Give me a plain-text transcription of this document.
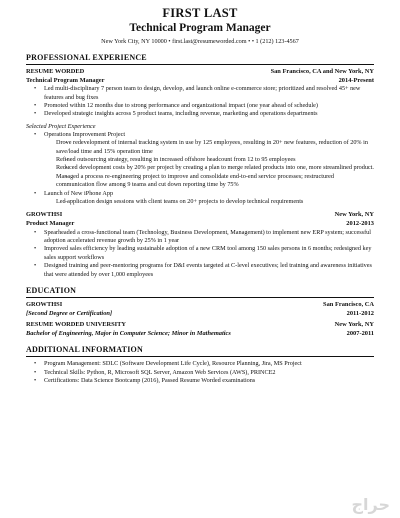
FIRST LAST
Technical Program Manager
New York City, NY 10000 • first.last@resumeworded.com • • 1 (212) 123-4567
PROFESSIONAL EXPERIENCE
RESUME WORDED	San Francisco, CA and New York, NY
Technical Program Manager	2014-Present
• Led multi-disciplinary 7 person team to design, develop, and launch online e-commerce store; prioritized and resolved 45+ new features and bug fixes
• Promoted within 12 months due to strong performance and organizational impact (one year ahead of schedule)
• Developed strategic insights across 5 product teams, including revenue, marketing and operations departments
Selected Project Experience
• Operations Improvement Project
– Drove redevelopment of internal tracking system in use by 125 employees, resulting in 20+ new features, reduction of 20% in save/load time and 15% operation time
– Refined outsourcing strategy, resulting in increased offshore headcount from 12 to 95 employees
– Reduced development costs by 20% per project by creating a plan to merge related products into one, more streamlined product.
– Managed a process re-engineering project to improve and consolidate end-to-end service processes; restructured communication flow among 9 teams and cut down reporting time by 75%
• Launch of New iPhone App
– Led application design sessions with client teams on 20+ projects to develop technical requirements
GROWTHSI	New York, NY
Product Manager	2012-2013
• Spearheaded a cross-functional team (Technology, Business Development, Management) to implement new ERP system; successful adoption accelerated revenue growth by 25% in 1 year
• Improved sales efficiency by leading sustainable adoption of a new CRM tool among 150 sales persons in 6 months; redesigned key sales support workflows
• Designed training and peer-mentoring programs for D&I events targeted at C-level executives; led training and awareness initiatives that were attended by over 1,000 employees
EDUCATION
GROWTHSI	San Francisco, CA
[Second Degree or Certification]	2011-2012
RESUME WORDED UNIVERSITY	New York, NY
Bachelor of Engineering, Major in Computer Science; Minor in Mathematics	2007-2011
ADDITIONAL INFORMATION
• Program Management: SDLC (Software Development Life Cycle), Resource Planning, Jira, MS Project
• Technical Skills: Python, R, Microsoft SQL Server, Amazon Web Services (AWS), PRINCE2
• Certifications: Data Science Bootcamp (2016), Passed Resume Worded examinations
حراج
